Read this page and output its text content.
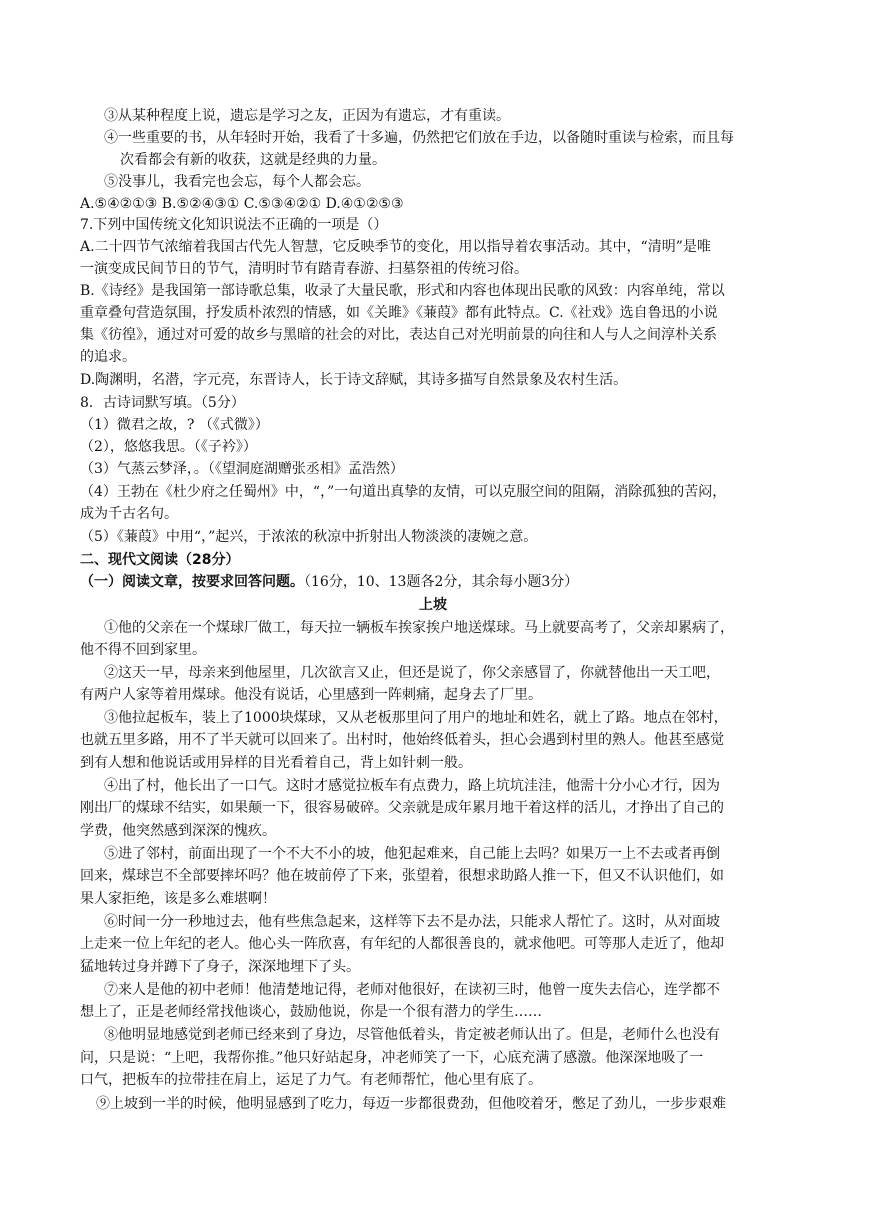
③从某种程度上说，遗忘是学习之友，正因为有遗忘，才有重读。
④一些重要的书，从年轻时开始，我看了十多遍，仍然把它们放在手边，以备随时重读与检索，而且每
次看都会有新的收获，这就是经典的力量。
⑤没事儿，我看完也会忘，每个人都会忘。
A.⑤④②①③ B.⑤②④③① C.⑤③④②① D.④①②⑤③
7.下列中国传统文化知识说法不正确的一项是（）
A.二十四节气浓缩着我国古代先人智慧，它反映季节的变化，用以指导着农事活动。其中，“清明”是唯
一演变成民间节日的节气，清明时节有踏青春游、扫墓祭祖的传统习俗。
B.《诗经》是我国第一部诗歌总集，收录了大量民歌，形式和内容也体现出民歌的风致：内容单纯，常以
重章叠句营造氛围，抒发质朴浓烈的情感，如《关雎》《蒹葭》都有此特点。C.《社戏》选自鲁迅的小说
集《彷徨》，通过对可爱的故乡与黑暗的社会的对比，表达自己对光明前景的向往和人与人之间淳朴关系
的追求。
D.陶渊明，名潜，字元亮，东晋诗人，长于诗文辞赋，其诗多描写自然景象及农村生活。
8．古诗词默写填。（5分）
（1）微君之故，? （《式微》）
（2），悠悠我思。（《子衿》）
（3）气蒸云梦泽，。（《望洞庭湖赠张丞相》孟浩然）
（4）王勃在《杜少府之任蜀州》中，“，”一句道出真挚的友情，可以克服空间的阻隔，消除孤独的苦闷，
成为千古名句。
（5）《蒹葭》中用“，”起兴，于浓浓的秋凉中折射出人物淡淡的凄婉之意。
二、现代文阅读（28分）
（一）阅读文章，按要求回答问题。（16分，10、13题各2分，其余每小题3分）
上坡
①他的父亲在一个煤球厂做工，每天拉一辆板车挨家挨户地送煤球。马上就要高考了，父亲却累病了，
他不得不回到家里。
②这天一早，母亲来到他屋里，几次欲言又止，但还是说了，你父亲感冒了，你就替他出一天工吧，
有两户人家等着用煤球。他没有说话，心里感到一阵刺痛，起身去了厂里。
③他拉起板车，装上了1000块煤球，又从老板那里问了用户的地址和姓名，就上了路。地点在邻村，
也就五里多路，用不了半天就可以回来了。出村时，他始终低着头，担心会遇到村里的熟人。他甚至感觉
到有人想和他说话或用异样的目光看着自己，背上如针刺一般。
④出了村，他长出了一口气。这时才感觉拉板车有点费力，路上坑坑洼洼，他需十分小心才行，因为
刚出厂的煤球不结实，如果颠一下，很容易破碎。父亲就是成年累月地干着这样的活儿，才挣出了自己的
学费，他突然感到深深的愧疚。
⑤进了邻村，前面出现了一个不大不小的坡，他犯起难来，自己能上去吗？如果万一上不去或者再倒
回来，煤球岂不全部要摔坏吗？他在坡前停了下来，张望着，很想求助路人推一下，但又不认识他们，如
果人家拒绝，该是多么难堪啊！
⑥时间一分一秒地过去，他有些焦急起来，这样等下去不是办法，只能求人帮忙了。这时，从对面坡
上走来一位上年纪的老人。他心头一阵欣喜，有年纪的人都很善良的，就求他吧。可等那人走近了，他却
猛地转过身并蹲下了身子，深深地埋下了头。
⑦来人是他的初中老师！他清楚地记得，老师对他很好，在读初三时，他曾一度失去信心，连学都不
想上了，正是老师经常找他谈心，鼓励他说，你是一个很有潜力的学生……
⑧他明显地感觉到老师已经来到了身边，尽管他低着头，肯定被老师认出了。但是，老师什么也没有
问，只是说：“上吧，我帮你推。”他只好站起身，冲老师笑了一下，心底充满了感激。他深深地吸了一
口气，把板车的拉带挂在肩上，运足了力气。有老师帮忙，他心里有底了。
⑨上坡到一半的时候，他明显感到了吃力，每迈一步都很费劲，但他咬着牙，憋足了劲儿，一步步艰难
